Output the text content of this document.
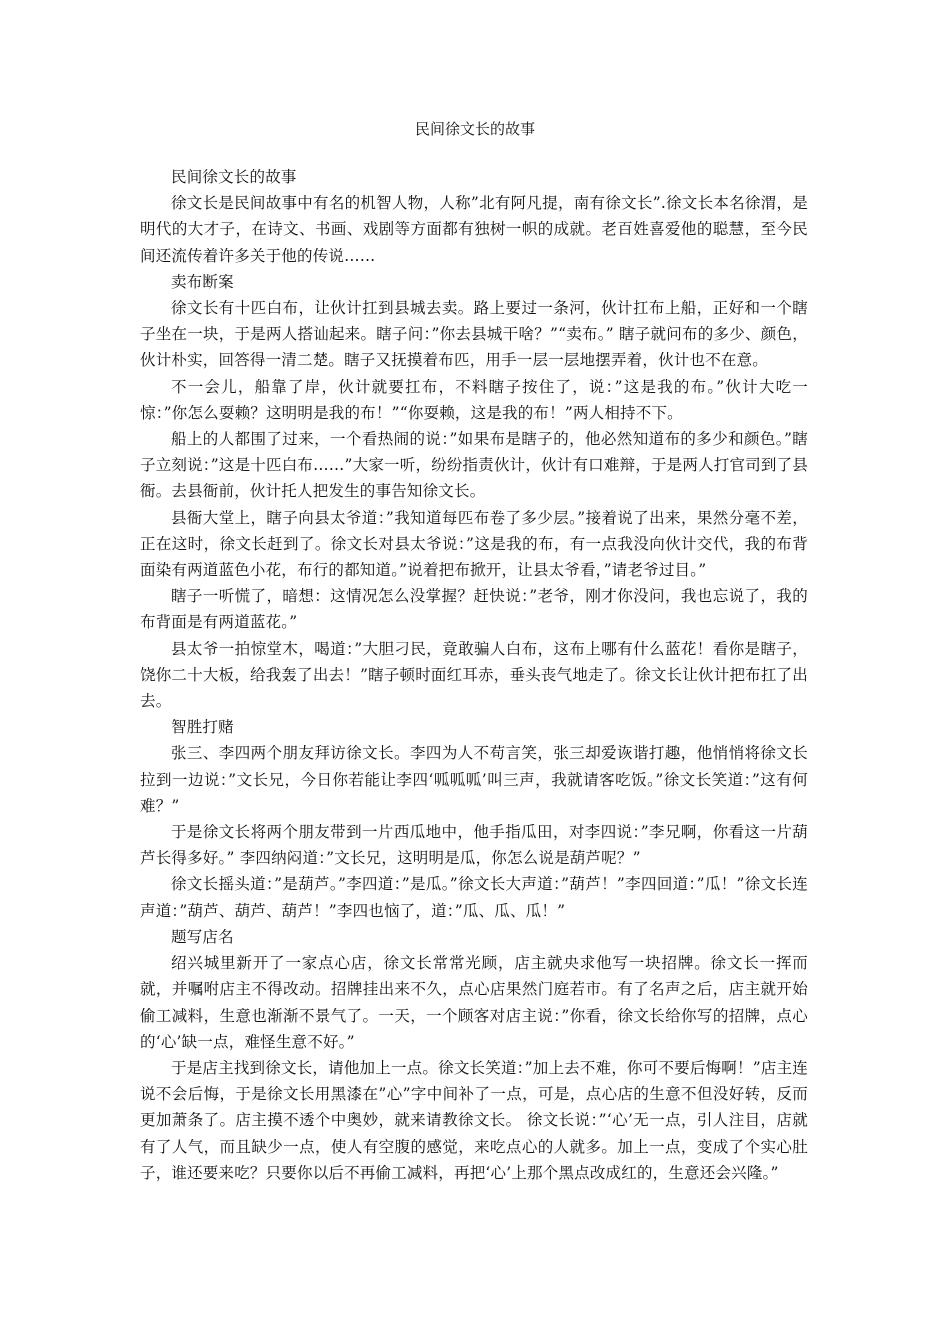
民间徐文长的故事

民间徐文长的故事

徐文长是民间故事中有名的机智人物，人称”北有阿凡提，南有徐文长”.徐文长本名徐渭，是明代的大才子，在诗文、书画、戏剧等方面都有独树一帜的成就。老百姓喜爱他的聪慧，至今民间还流传着许多关于他的传说……

卖布断案

徐文长有十匹白布，让伙计扛到县城去卖。路上要过一条河，伙计扛布上船，正好和一个瞎子坐在一块，于是两人搭讪起来。瞎子问：”你去县城干啥？”“卖布。” 瞎子就问布的多少、颜色，伙计朴实，回答得一清二楚。瞎子又抚摸着布匹，用手一层一层地摆弄着，伙计也不在意。

不一会儿，船靠了岸，伙计就要扛布，不料瞎子按住了，说：”这是我的布。”伙计大吃一惊：”你怎么耍赖？这明明是我的布！”“你耍赖，这是我的布！”两人相持不下。

船上的人都围了过来，一个看热闹的说：”如果布是瞎子的，他必然知道布的多少和颜色。”瞎子立刻说：”这是十匹白布……”大家一听，纷纷指责伙计，伙计有口难辩，于是两人打官司到了县衙。去县衙前，伙计托人把发生的事告知徐文长。

县衙大堂上，瞎子向县太爷道：”我知道每匹布卷了多少层。”接着说了出来，果然分毫不差，正在这时，徐文长赶到了。徐文长对县太爷说：”这是我的布，有一点我没向伙计交代，我的布背面染有两道蓝色小花，布行的都知道。”说着把布掀开，让县太爷看，”请老爷过目。”

瞎子一听慌了，暗想：这情况怎么没掌握？赶快说：”老爷，刚才你没问，我也忘说了，我的布背面是有两道蓝花。”

县太爷一拍惊堂木，喝道：”大胆刁民，竟敢骗人白布，这布上哪有什么蓝花！看你是瞎子，饶你二十大板，给我轰了出去！”瞎子顿时面红耳赤，垂头丧气地走了。徐文长让伙计把布扛了出去。

智胜打赌

张三、李四两个朋友拜访徐文长。李四为人不苟言笑，张三却爱诙谐打趣，他悄悄将徐文长拉到一边说：”文长兄，今日你若能让李四‘呱呱呱’叫三声，我就请客吃饭。”徐文长笑道：”这有何难？”

于是徐文长将两个朋友带到一片西瓜地中，他手指瓜田，对李四说：”李兄啊，你看这一片葫芦长得多好。” 李四纳闷道：”文长兄，这明明是瓜，你怎么说是葫芦呢？”

徐文长摇头道：”是葫芦。”李四道：”是瓜。”徐文长大声道：”葫芦！”李四回道：”瓜！”徐文长连声道：”葫芦、葫芦、葫芦！”李四也恼了，道：”瓜、瓜、瓜！”

题写店名

绍兴城里新开了一家点心店，徐文长常常光顾，店主就央求他写一块招牌。徐文长一挥而就，并嘱咐店主不得改动。招牌挂出来不久，点心店果然门庭若市。有了名声之后，店主就开始偷工减料，生意也渐渐不景气了。一天，一个顾客对店主说：”你看，徐文长给你写的招牌，点心的‘心’缺一点，难怪生意不好。”

于是店主找到徐文长，请他加上一点。徐文长笑道：”加上去不难，你可不要后悔啊！”店主连说不会后悔，于是徐文长用黑漆在”心”字中间补了一点，可是，点心店的生意不但没好转，反而更加萧条了。店主摸不透个中奥妙，就来请教徐文长。 徐文长说：”‘心’无一点，引人注目，店就有了人气，而且缺少一点，使人有空腹的感觉，来吃点心的人就多。加上一点，变成了个实心肚子，谁还要来吃？只要你以后不再偷工减料，再把‘心’上那个黑点改成红的，生意还会兴隆。”
